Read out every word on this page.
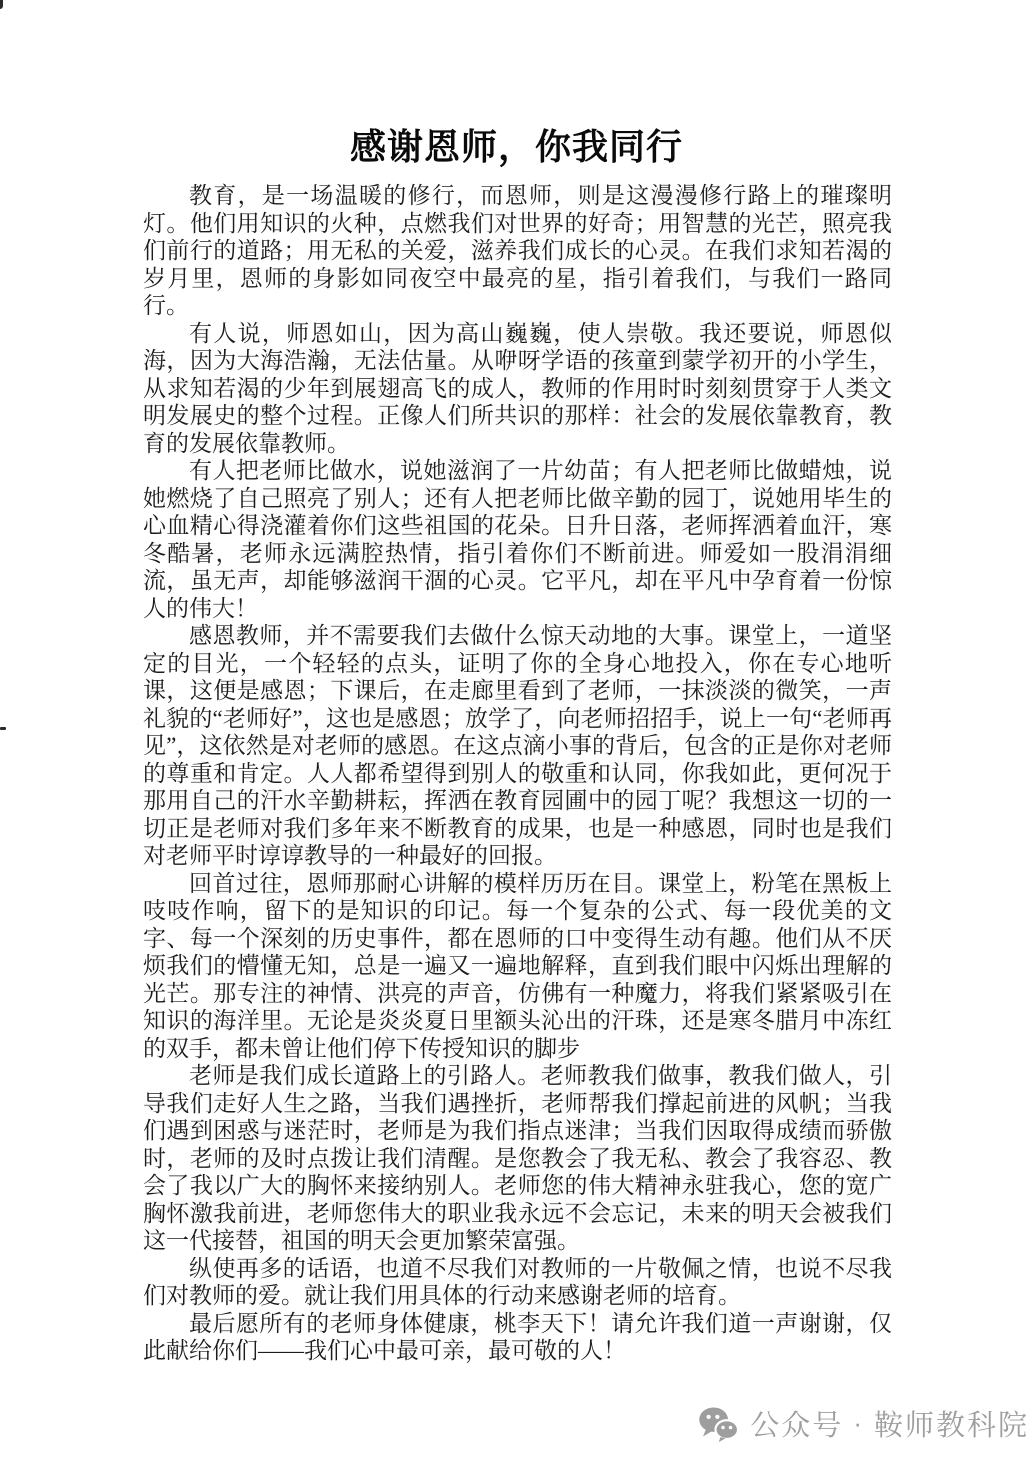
感谢恩师，你我同行

教育，是一场温暖的修行，而恩师，则是这漫漫修行路上的璀璨明灯。他们用知识的火种，点燃我们对世界的好奇；用智慧的光芒，照亮我们前行的道路；用无私的关爱，滋养我们成长的心灵。在我们求知若渴的岁月里，恩师的身影如同夜空中最亮的星，指引着我们，与我们一路同行。

有人说，师恩如山，因为高山巍巍，使人崇敬。我还要说，师恩似海，因为大海浩瀚，无法估量。从咿呀学语的孩童到蒙学初开的小学生，从求知若渴的少年到展翅高飞的成人，教师的作用时时刻刻贯穿于人类文明发展史的整个过程。正像人们所共识的那样：社会的发展依靠教育，教育的发展依靠教师。

有人把老师比做水，说她滋润了一片幼苗；有人把老师比做蜡烛，说她燃烧了自己照亮了别人；还有人把老师比做辛勤的园丁，说她用毕生的心血精心得浇灌着你们这些祖国的花朵。日升日落，老师挥洒着血汗，寒冬酷暑，老师永远满腔热情，指引着你们不断前进。师爱如一股涓涓细流，虽无声，却能够滋润干涸的心灵。它平凡，却在平凡中孕育着一份惊人的伟大！

感恩教师，并不需要我们去做什么惊天动地的大事。课堂上，一道坚定的目光，一个轻轻的点头，证明了你的全身心地投入，你在专心地听课，这便是感恩；下课后，在走廊里看到了老师，一抹淡淡的微笑，一声礼貌的“老师好”，这也是感恩；放学了，向老师招招手，说上一句“老师再见”，这依然是对老师的感恩。在这点滴小事的背后，包含的正是你对老师的尊重和肯定。人人都希望得到别人的敬重和认同，你我如此，更何况于那用自己的汗水辛勤耕耘，挥洒在教育园圃中的园丁呢？我想这一切的一切正是老师对我们多年来不断教育的成果，也是一种感恩，同时也是我们对老师平时谆谆教导的一种最好的回报。

回首过往，恩师那耐心讲解的模样历历在目。课堂上，粉笔在黑板上吱吱作响，留下的是知识的印记。每一个复杂的公式、每一段优美的文字、每一个深刻的历史事件，都在恩师的口中变得生动有趣。他们从不厌烦我们的懵懂无知，总是一遍又一遍地解释，直到我们眼中闪烁出理解的光芒。那专注的神情、洪亮的声音，仿佛有一种魔力，将我们紧紧吸引在知识的海洋里。无论是炎炎夏日里额头沁出的汗珠，还是寒冬腊月中冻红的双手，都未曾让他们停下传授知识的脚步

老师是我们成长道路上的引路人。老师教我们做事，教我们做人，引导我们走好人生之路，当我们遇挫折，老师帮我们撑起前进的风帆；当我们遇到困惑与迷茫时，老师是为我们指点迷津；当我们因取得成绩而骄傲时，老师的及时点拨让我们清醒。是您教会了我无私、教会了我容忍、教会了我以广大的胸怀来接纳别人。老师您的伟大精神永驻我心，您的宽广胸怀激我前进，老师您伟大的职业我永远不会忘记，未来的明天会被我们这一代接替，祖国的明天会更加繁荣富强。

纵使再多的话语，也道不尽我们对教师的一片敬佩之情，也说不尽我们对教师的爱。就让我们用具体的行动来感谢老师的培育。

最后愿所有的老师身体健康，桃李天下！请允许我们道一声谢谢，仅此献给你们——我们心中最可亲，最可敬的人！

公众号 · 鞍师教科院
